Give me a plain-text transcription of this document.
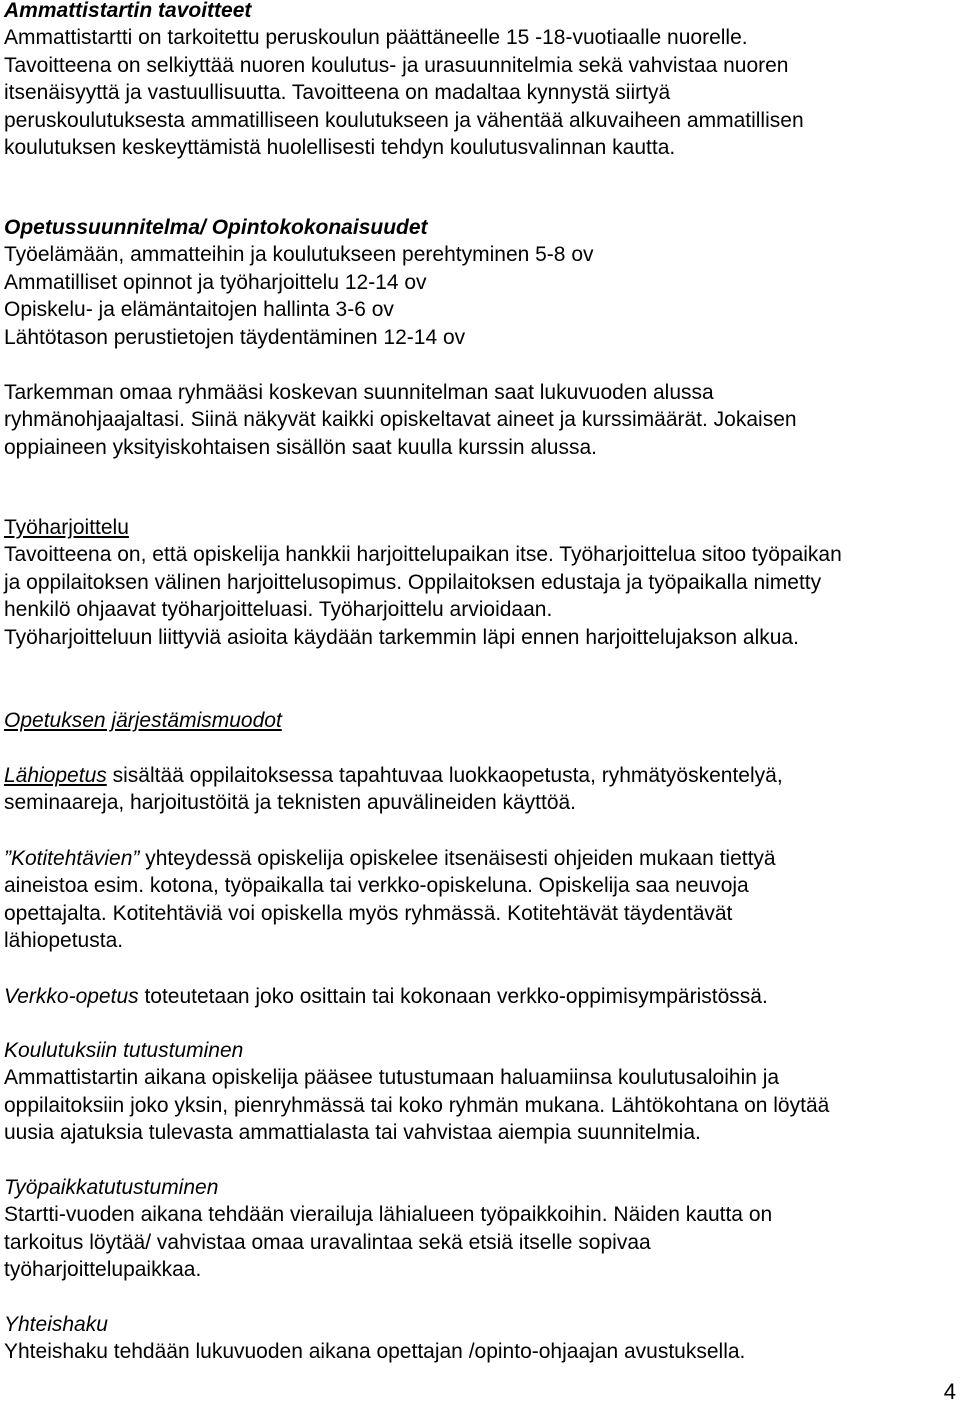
Ammattistartin tavoitteet
Ammattistartti on tarkoitettu peruskoulun päättäneelle 15 -18-vuotiaalle nuorelle.
Tavoitteena on selkiyttää nuoren koulutus- ja urasuunnitelmia sekä vahvistaa nuoren
itsenäisyyttä ja vastuullisuutta. Tavoitteena on madaltaa kynnystä siirtyä
peruskoulutuksesta ammatilliseen koulutukseen ja vähentää alkuvaiheen ammatillisen
koulutuksen keskeyttämistä huolellisesti tehdyn koulutusvalinnan kautta.
Opetussuunnitelma/ Opintokokonaisuudet
Työelämään, ammatteihin ja koulutukseen perehtyminen 5-8 ov
Ammatilliset opinnot ja työharjoittelu 12-14 ov
Opiskelu- ja elämäntaitojen hallinta 3-6 ov
Lähtötason perustietojen täydentäminen 12-14 ov
Tarkemman omaa ryhmääsi koskevan suunnitelman saat lukuvuoden alussa
ryhmänohjaajaltasi. Siinä näkyvät kaikki opiskeltavat aineet ja kurssimäärät. Jokaisen
oppiaineen yksityiskohtaisen sisällön saat kuulla kurssin alussa.
Työharjoittelu
Tavoitteena on, että opiskelija hankkii harjoittelupaikan itse. Työharjoittelua sitoo työpaikan
ja oppilaitoksen välinen harjoittelusopimus. Oppilaitoksen edustaja ja työpaikalla nimetty
henkilö ohjaavat työharjoitteluasi. Työharjoittelu arvioidaan.
Työharjoitteluun liittyviä asioita käydään tarkemmin läpi ennen harjoittelujakson alkua.
Opetuksen järjestämismuodot
Lähiopetus sisältää oppilaitoksessa tapahtuvaa luokkaopetusta, ryhmätyöskentelyä,
seminaareja, harjoitustöitä ja teknisten apuvälineiden käyttöä.
”Kotitehtävien” yhteydessä opiskelija opiskelee itsenäisesti ohjeiden mukaan tiettyä
aineistoa esim. kotona, työpaikalla tai verkko-opiskeluna. Opiskelija saa neuvoja
opettajalta. Kotitehtäviä voi opiskella myös ryhmässä. Kotitehtävät täydentävät
lähiopetusta.
Verkko-opetus toteutetaan joko osittain tai kokonaan verkko-oppimisympäristössä.
Koulutuksiin tutustuminen
Ammattistartin aikana opiskelija pääsee tutustumaan haluamiinsa koulutusaloihin ja
oppilaitoksiin joko yksin, pienryhmässä tai koko ryhmän mukana. Lähtökohtana on löytää
uusia ajatuksia tulevasta ammattialasta tai vahvistaa aiempia suunnitelmia.
Työpaikkatutustuminen
Startti-vuoden aikana tehdään vierailuja lähialueen työpaikkoihin. Näiden kautta on
tarkoitus löytää/ vahvistaa omaa uravalintaa sekä etsiä itselle sopivaa
työharjoittelupaikkaa.
Yhteishaku
Yhteishaku tehdään lukuvuoden aikana opettajan /opinto-ohjaajan avustuksella.
4
